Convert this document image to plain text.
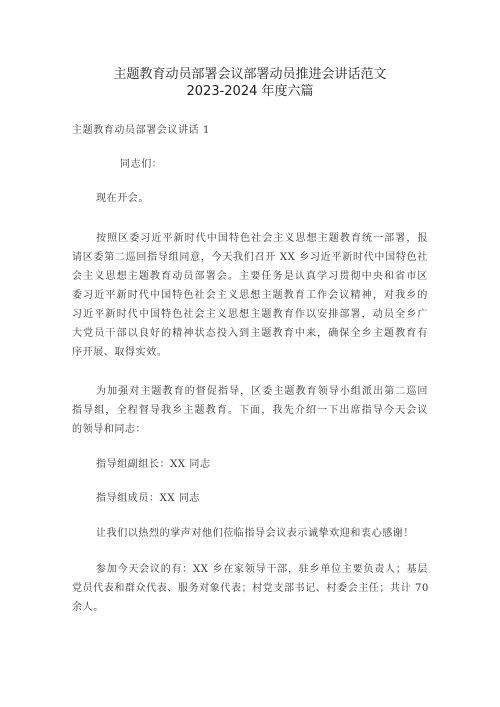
主题教育动员部署会议部署动员推进会讲话范文
2023-2024 年度六篇
主题教育动员部署会议讲话 1
同志们：
现在开会。
按照区委习近平新时代中国特色社会主义思想主题教育统一部署，报
请区委第二巡回指导组同意，今天我们召开 XX 乡习近平新时代中国特色社
会主义思想主题教育动员部署会。主要任务是认真学习贯彻中央和省市区
委习近平新时代中国特色社会主义思想主题教育工作会议精神，对我乡的
习近平新时代中国特色社会主义思想主题教育作以安排部署，动员全乡广
大党员干部以良好的精神状态投入到主题教育中来，确保全乡主题教育有
序开展、取得实效。
为加强对主题教育的督促指导，区委主题教育领导小组派出第二巡回
指导组，全程督导我乡主题教育。下面，我先介绍一下出席指导今天会议
的领导和同志：
指导组副组长：XX 同志
指导组成员：XX 同志
让我们以热烈的掌声对他们莅临指导会议表示诚挚欢迎和衷心感谢！
参加今天会议的有：XX 乡在家领导干部，驻乡单位主要负责人；基层
党员代表和群众代表、服务对象代表；村党支部书记、村委会主任；共计 70
余人。
